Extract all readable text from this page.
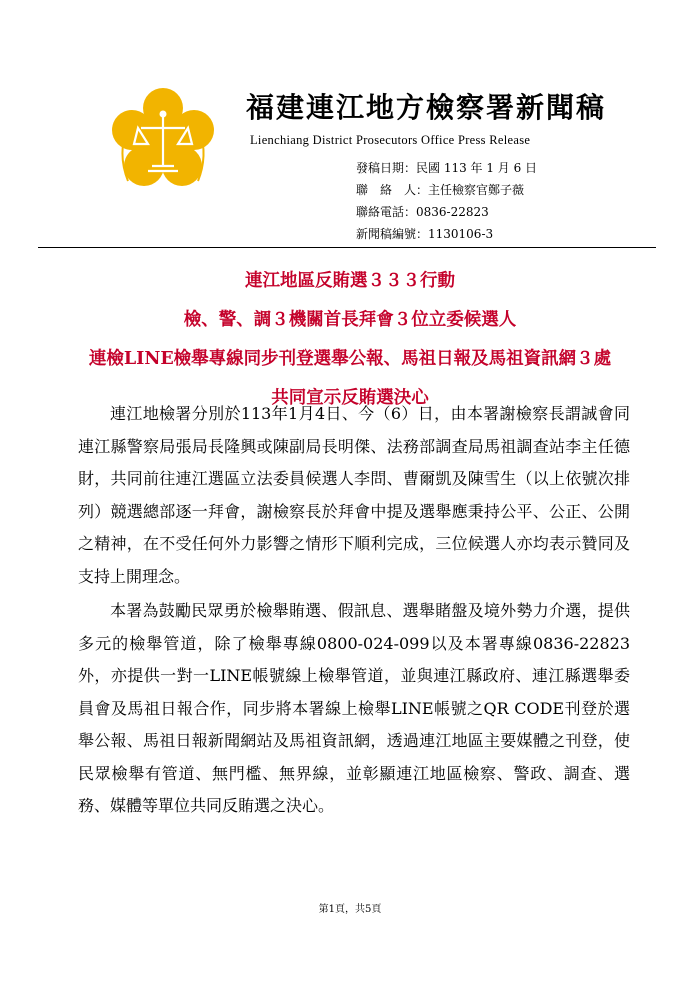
福建連江地方檢察署新聞稿
Lienchiang District Prosecutors Office Press Release
發稿日期：民國 113 年 1 月 6 日
聯　絡　人：主任檢察官鄭子薇
聯絡電話：0836-22823
新聞稿編號：1130106-3
連江地區反賄選３３３行動
檢、警、調３機關首長拜會３位立委候選人
連檢LINE檢舉專線同步刊登選舉公報、馬祖日報及馬祖資訊網３處
共同宣示反賄選決心

連江地檢署分別於113年1月4日、今（6）日，由本署謝檢察長謂誠會同連江縣警察局張局長隆興或陳副局長明傑、法務部調查局馬祖調查站李主任德財，共同前往連江選區立法委員候選人李問、曹爾凱及陳雪生（以上依號次排列）競選總部逐一拜會，謝檢察長於拜會中提及選舉應秉持公平、公正、公開之精神，在不受任何外力影響之情形下順利完成，三位候選人亦均表示贊同及支持上開理念。

本署為鼓勵民眾勇於檢舉賄選、假訊息、選舉賭盤及境外勢力介選，提供多元的檢舉管道，除了檢舉專線0800-024-099以及本署專線0836-22823外，亦提供一對一LINE帳號線上檢舉管道，並與連江縣政府、連江縣選舉委員會及馬祖日報合作，同步將本署線上檢舉LINE帳號之QR CODE刊登於選舉公報、馬祖日報新聞網站及馬祖資訊網，透過連江地區主要媒體之刊登，使民眾檢舉有管道、無門檻、無界線，並彰顯連江地區檢察、警政、調查、選務、媒體等單位共同反賄選之決心。

第1頁，共5頁
